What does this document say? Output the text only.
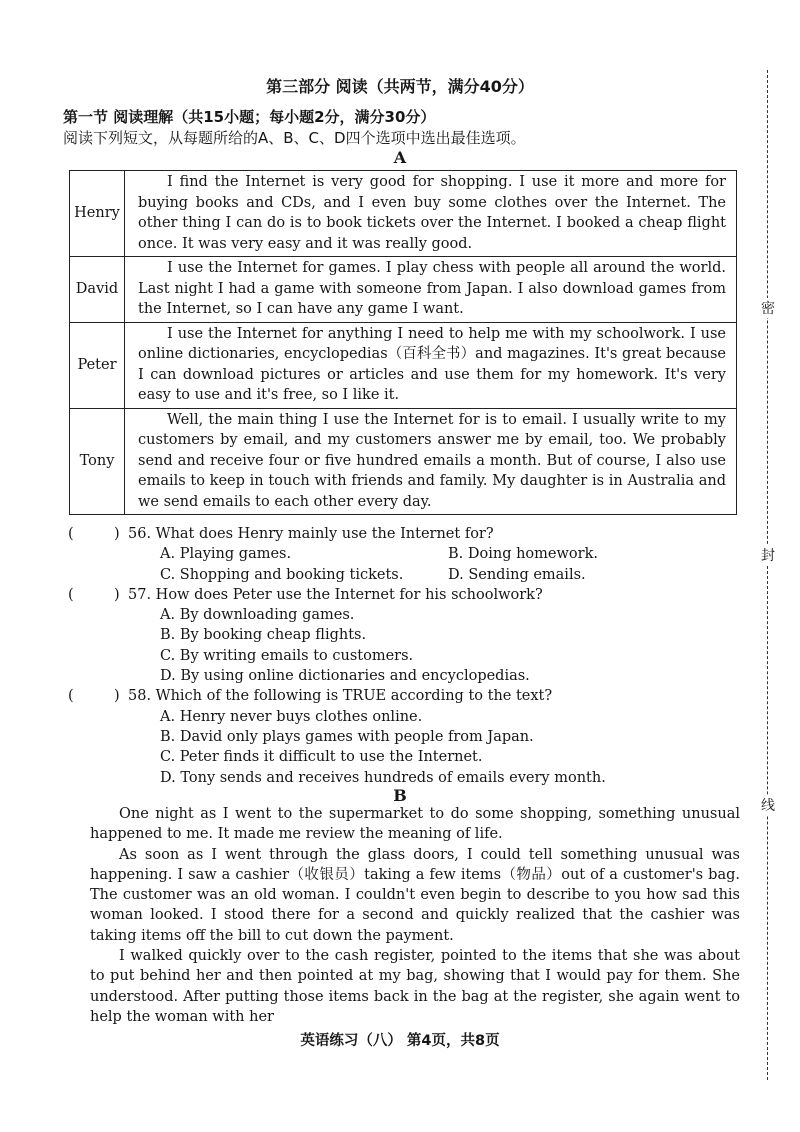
第三部分 阅读（共两节，满分40分）
第一节 阅读理解（共15小题；每小题2分，满分30分）
阅读下列短文，从每题所给的A、B、C、D四个选项中选出最佳选项。
A
Henry	I find the Internet is very good for shopping. I use it more and more for buying books and CDs, and I even buy some clothes over the Internet. The other thing I can do is to book tickets over the Internet. I booked a cheap flight once. It was very easy and it was really good.

David	I use the Internet for games. I play chess with people all around the world. Last night I had a game with someone from Japan. I also download games from the Internet, so I can have any game I want.

Peter	I use the Internet for anything I need to help me with my schoolwork. I use online dictionaries, encyclopedias（百科全书）and magazines. It's great because I can download pictures or articles and use them for my homework. It's very easy to use and it's free, so I like it.

Tony	Well, the main thing I use the Internet for is to email. I usually write to my customers by email, and my customers answer me by email, too. We probably send and receive four or five hundred emails a month. But of course, I also use emails to keep in touch with friends and family. My daughter is in Australia and we send emails to each other every day.
(	) 56. What does Henry mainly use the Internet for?
A. Playing games.	B. Doing homework.
C. Shopping and booking tickets.	D. Sending emails.
(	) 57. How does Peter use the Internet for his schoolwork?
A. By downloading games.
B. By booking cheap flights.
C. By writing emails to customers.
D. By using online dictionaries and encyclopedias.
(	) 58. Which of the following is TRUE according to the text?
A. Henry never buys clothes online.
B. David only plays games with people from Japan.
C. Peter finds it difficult to use the Internet.
D. Tony sends and receives hundreds of emails every month.
B

One night as I went to the supermarket to do some shopping, something unusual happened to me. It made me review the meaning of life.

As soon as I went through the glass doors, I could tell something unusual was happening. I saw a cashier（收银员）taking a few items（物品）out of a customer's bag. The customer was an old woman. I couldn't even begin to describe to you how sad this woman looked. I stood there for a second and quickly realized that the cashier was taking items off the bill to cut down the payment.

I walked quickly over to the cash register, pointed to the items that she was about to put behind her and then pointed at my bag, showing that I would pay for them. She understood. After putting those items back in the bag at the register, she again went to help the woman with her

英语练习（八） 第4页，共8页
密
封
线
